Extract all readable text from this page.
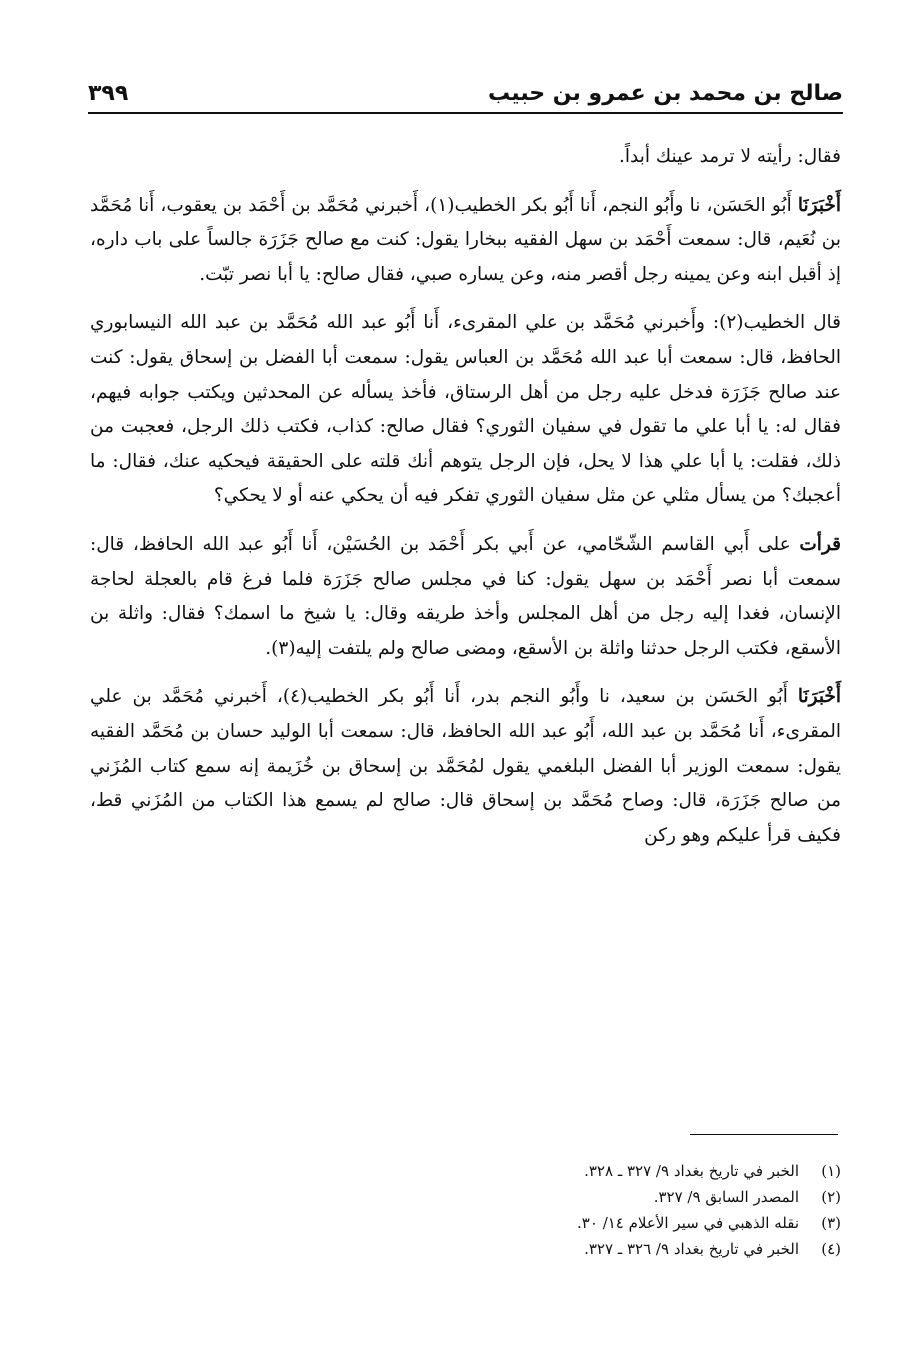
صالح بن محمد بن عمرو بن حبيب
٣٩٩

فقال: رأيته لا ترمد عينك أبداً.

أَخْبَرَنَا أَبُو الحَسَن، نا وأَبُو النجم، أَنا أَبُو بكر الخطيب(١)، أَخبرني مُحَمَّد بن أَحْمَد بن يعقوب، أَنا مُحَمَّد بن نُعَيم، قال: سمعت أَحْمَد بن سهل الفقيه ببخارا يقول: كنت مع صالح جَزَرَة جالساً على باب داره، إذ أقبل ابنه وعن يمينه رجل أقصر منه، وعن يساره صبي، فقال صالح: يا أبا نصر تبّت.

قال الخطيب(٢): وأَخبرني مُحَمَّد بن علي المقرىء، أَنا أَبُو عبد الله مُحَمَّد بن عبد الله النيسابوري الحافظ، قال: سمعت أبا عبد الله مُحَمَّد بن العباس يقول: سمعت أبا الفضل بن إسحاق يقول: كنت عند صالح جَزَرَة فدخل عليه رجل من أهل الرستاق، فأخذ يسأله عن المحدثين ويكتب جوابه فيهم، فقال له: يا أبا علي ما تقول في سفيان الثوري؟ فقال صالح: كذاب، فكتب ذلك الرجل، فعجبت من ذلك، فقلت: يا أبا علي هذا لا يحل، فإن الرجل يتوهم أنك قلته على الحقيقة فيحكيه عنك، فقال: ما أعجبك؟ من يسأل مثلي عن مثل سفيان الثوري تفكر فيه أن يحكي عنه أو لا يحكي؟

قرأت على أَبي القاسم الشّحّامي، عن أَبي بكر أَحْمَد بن الحُسَيْن، أَنا أَبُو عبد الله الحافظ، قال: سمعت أبا نصر أَحْمَد بن سهل يقول: كنا في مجلس صالح جَزَرَة فلما فرغ قام بالعجلة لحاجة الإنسان، فغدا إليه رجل من أهل المجلس وأخذ طريقه وقال: يا شيخ ما اسمك؟ فقال: واثلة بن الأسقع، فكتب الرجل حدثنا واثلة بن الأسقع، ومضى صالح ولم يلتفت إليه(٣).

أَخْبَرَنَا أَبُو الحَسَن بن سعيد، نا وأَبُو النجم بدر، أَنا أَبُو بكر الخطيب(٤)، أَخبرني مُحَمَّد بن علي المقرىء، أَنا مُحَمَّد بن عبد الله، أَبُو عبد الله الحافظ، قال: سمعت أبا الوليد حسان بن مُحَمَّد الفقيه يقول: سمعت الوزير أبا الفضل البلغمي يقول لمُحَمَّد بن إسحاق بن خُزَيمة إنه سمع كتاب المُزَني من صالح جَزَرَة، قال: وصاح مُحَمَّد بن إسحاق قال: صالح لم يسمع هذا الكتاب من المُزَني قط، فكيف قرأ عليكم وهو ركن

(١)
الخبر في تاريخ بغداد ٩/ ٣٢٧ ـ ٣٢٨.
(٢)
المصدر السابق ٩/ ٣٢٧.
(٣)
نقله الذهبي في سير الأعلام ١٤/ ٣٠.
(٤)
الخبر في تاريخ بغداد ٩/ ٣٢٦ ـ ٣٢٧.
